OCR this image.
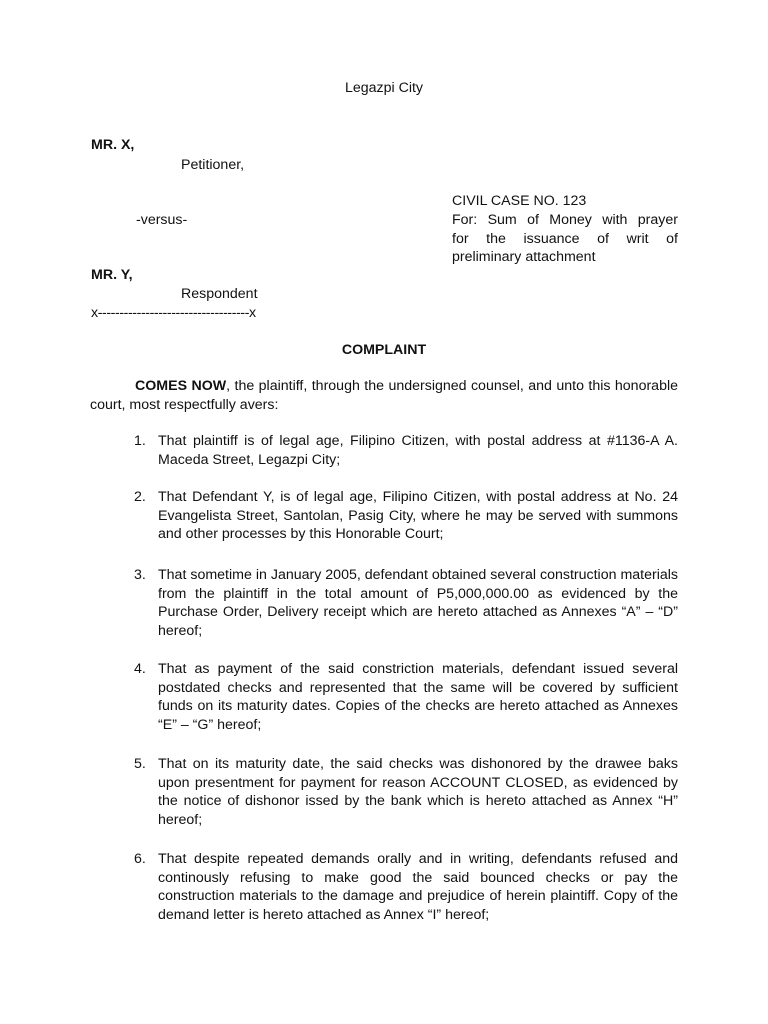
Legazpi City

MR. X,

Petitioner,

CIVIL CASE NO. 123

-versus-	For: Sum of Money with prayer
for the issuance of writ of
preliminary attachment

MR. Y,

Respondent

x-----------------------------------x

COMPLAINT

COMES NOW, the plaintiff, through the undersigned counsel, and unto this honorable court, most respectfully avers:

1. That plaintiff is of legal age, Filipino Citizen, with postal address at #1136-A A. Maceda Street, Legazpi City;
2. That Defendant Y, is of legal age, Filipino Citizen, with postal address at No. 24 Evangelista Street, Santolan, Pasig City, where he may be served with summons and other processes by this Honorable Court;
3. That sometime in January 2005, defendant obtained several construction materials from the plaintiff in the total amount of P5,000,000.00 as evidenced by the Purchase Order, Delivery receipt which are hereto attached as Annexes “A” – “D” hereof;
4. That as payment of the said constriction materials, defendant issued several postdated checks and represented that the same will be covered by sufficient funds on its maturity dates. Copies of the checks are hereto attached as Annexes “E” – “G” hereof;
5. That on its maturity date, the said checks was dishonored by the drawee baks upon presentment for payment for reason ACCOUNT CLOSED, as evidenced by the notice of dishonor issed by the bank which is hereto attached as Annex “H” hereof;
6. That despite repeated demands orally and in writing, defendants refused and continously refusing to make good the said bounced checks or pay the construction materials to the damage and prejudice of herein plaintiff. Copy of the demand letter is hereto attached as Annex “I” hereof;
